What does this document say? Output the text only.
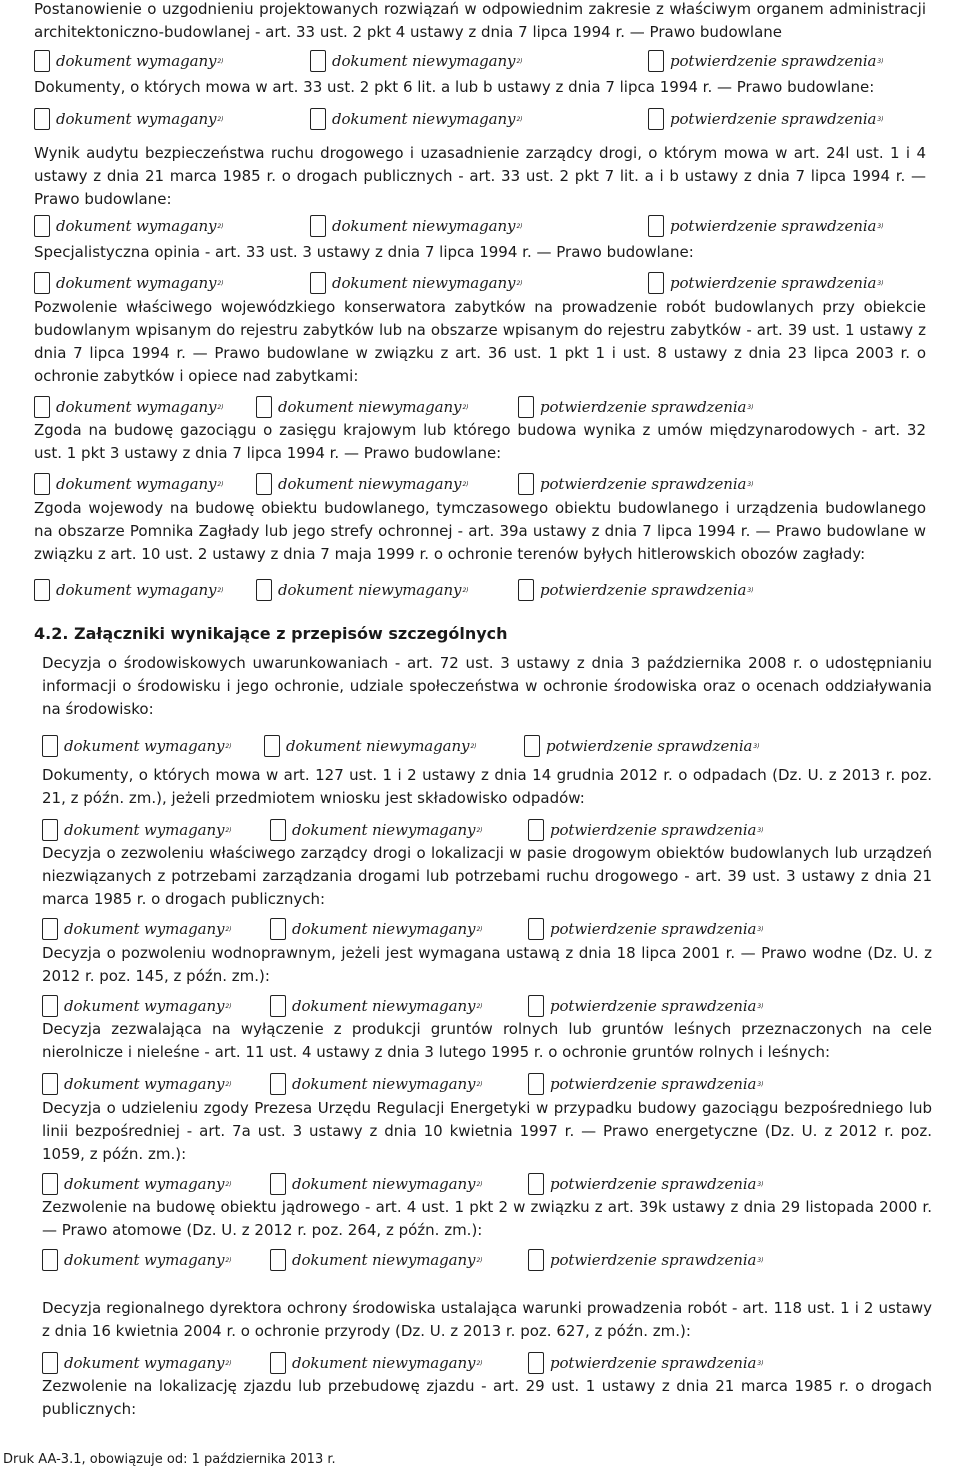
Postanowienie o uzgodnieniu projektowanych rozwiązań w odpowiednim zakresie z właściwym organem administracji architektoniczno-budowlanej - art. 33 ust. 2 pkt 4 ustawy z dnia 7 lipca 1994 r. — Prawo budowlane
dokument wymagany 2)	dokument niewymagany 2)	potwierdzenie sprawdzenia 3)
Dokumenty, o których mowa w art. 33 ust. 2 pkt 6 lit. a lub b ustawy z dnia 7 lipca 1994 r. — Prawo budowlane:
dokument wymagany 2)	dokument niewymagany 2)	potwierdzenie sprawdzenia 3)
Wynik audytu bezpieczeństwa ruchu drogowego i uzasadnienie zarządcy drogi, o którym mowa w art. 24l ust. 1 i 4 ustawy z dnia 21 marca 1985 r. o drogach publicznych - art. 33 ust. 2 pkt 7 lit. a i b ustawy z dnia 7 lipca 1994 r. — Prawo budowlane:
dokument wymagany 2)	dokument niewymagany 2)	potwierdzenie sprawdzenia 3)
Specjalistyczna opinia - art. 33 ust. 3 ustawy z dnia 7 lipca 1994 r. — Prawo budowlane:
dokument wymagany 2)	dokument niewymagany 2)	potwierdzenie sprawdzenia 3)
Pozwolenie właściwego wojewódzkiego konserwatora zabytków na prowadzenie robót budowlanych przy obiekcie budowlanym wpisanym do rejestru zabytków lub na obszarze wpisanym do rejestru zabytków - art. 39 ust. 1 ustawy z dnia 7 lipca 1994 r. — Prawo budowlane w związku z art. 36 ust. 1 pkt 1 i ust. 8 ustawy z dnia 23 lipca 2003 r. o ochronie zabytków i opiece nad zabytkami:
dokument wymagany 2)	dokument niewymagany 2)	potwierdzenie sprawdzenia 3)
Zgoda na budowę gazociągu o zasięgu krajowym lub którego budowa wynika z umów międzynarodowych - art. 32 ust. 1 pkt 3 ustawy z dnia 7 lipca 1994 r. — Prawo budowlane:
dokument wymagany 2)	dokument niewymagany 2)	potwierdzenie sprawdzenia 3)
Zgoda wojewody na budowę obiektu budowlanego, tymczasowego obiektu budowlanego i urządzenia budowlanego na obszarze Pomnika Zagłady lub jego strefy ochronnej - art. 39a ustawy z dnia 7 lipca 1994 r. — Prawo budowlane w związku z art. 10 ust. 2 ustawy z dnia 7 maja 1999 r. o ochronie terenów byłych hitlerowskich obozów zagłady:
dokument wymagany 2)	dokument niewymagany 2)	potwierdzenie sprawdzenia 3)
4.2. Załączniki wynikające z przepisów szczególnych
Decyzja o środowiskowych uwarunkowaniach - art. 72 ust. 3 ustawy z dnia 3 października 2008 r. o udostępnianiu informacji o środowisku i jego ochronie, udziale społeczeństwa w ochronie środowiska oraz o ocenach oddziaływania na środowisko:
dokument wymagany 2)	dokument niewymagany 2)	potwierdzenie sprawdzenia 3)
Dokumenty, o których mowa w art. 127 ust. 1 i 2 ustawy z dnia 14 grudnia 2012 r. o odpadach (Dz. U. z 2013 r. poz. 21, z późn. zm.), jeżeli przedmiotem wniosku jest składowisko odpadów:
dokument wymagany 2)	dokument niewymagany 2)	potwierdzenie sprawdzenia 3)
Decyzja o zezwoleniu właściwego zarządcy drogi o lokalizacji w pasie drogowym obiektów budowlanych lub urządzeń niezwiązanych z potrzebami zarządzania drogami lub potrzebami ruchu drogowego - art. 39 ust. 3 ustawy z dnia 21 marca 1985 r. o drogach publicznych:
dokument wymagany 2)	dokument niewymagany 2)	potwierdzenie sprawdzenia 3)
Decyzja o pozwoleniu wodnoprawnym, jeżeli jest wymagana ustawą z dnia 18 lipca 2001 r. — Prawo wodne (Dz. U. z 2012 r. poz. 145, z późn. zm.):
dokument wymagany 2)	dokument niewymagany 2)	potwierdzenie sprawdzenia 3)
Decyzja zezwalająca na wyłączenie z produkcji gruntów rolnych lub gruntów leśnych przeznaczonych na cele nierolnicze i nieleśne - art. 11 ust. 4 ustawy z dnia 3 lutego 1995 r. o ochronie gruntów rolnych i leśnych:
dokument wymagany 2)	dokument niewymagany 2)	potwierdzenie sprawdzenia 3)
Decyzja o udzieleniu zgody Prezesa Urzędu Regulacji Energetyki w przypadku budowy gazociągu bezpośredniego lub linii bezpośredniej - art. 7a ust. 3 ustawy z dnia 10 kwietnia 1997 r. — Prawo energetyczne (Dz. U. z 2012 r. poz. 1059, z późn. zm.):
dokument wymagany 2)	dokument niewymagany 2)	potwierdzenie sprawdzenia 3)
Zezwolenie na budowę obiektu jądrowego - art. 4 ust. 1 pkt 2 w związku z art. 39k ustawy z dnia 29 listopada 2000 r. — Prawo atomowe (Dz. U. z 2012 r. poz. 264, z późn. zm.):
dokument wymagany 2)	dokument niewymagany 2)	potwierdzenie sprawdzenia 3)
Decyzja regionalnego dyrektora ochrony środowiska ustalająca warunki prowadzenia robót - art. 118 ust. 1 i 2 ustawy z dnia 16 kwietnia 2004 r. o ochronie przyrody (Dz. U. z 2013 r. poz. 627, z późn. zm.):
dokument wymagany 2)	dokument niewymagany 2)	potwierdzenie sprawdzenia 3)
Zezwolenie na lokalizację zjazdu lub przebudowę zjazdu - art. 29 ust. 1 ustawy z dnia 21 marca 1985 r. o drogach publicznych:
Druk AA-3.1, obowiązuje od: 1 października 2013 r.
